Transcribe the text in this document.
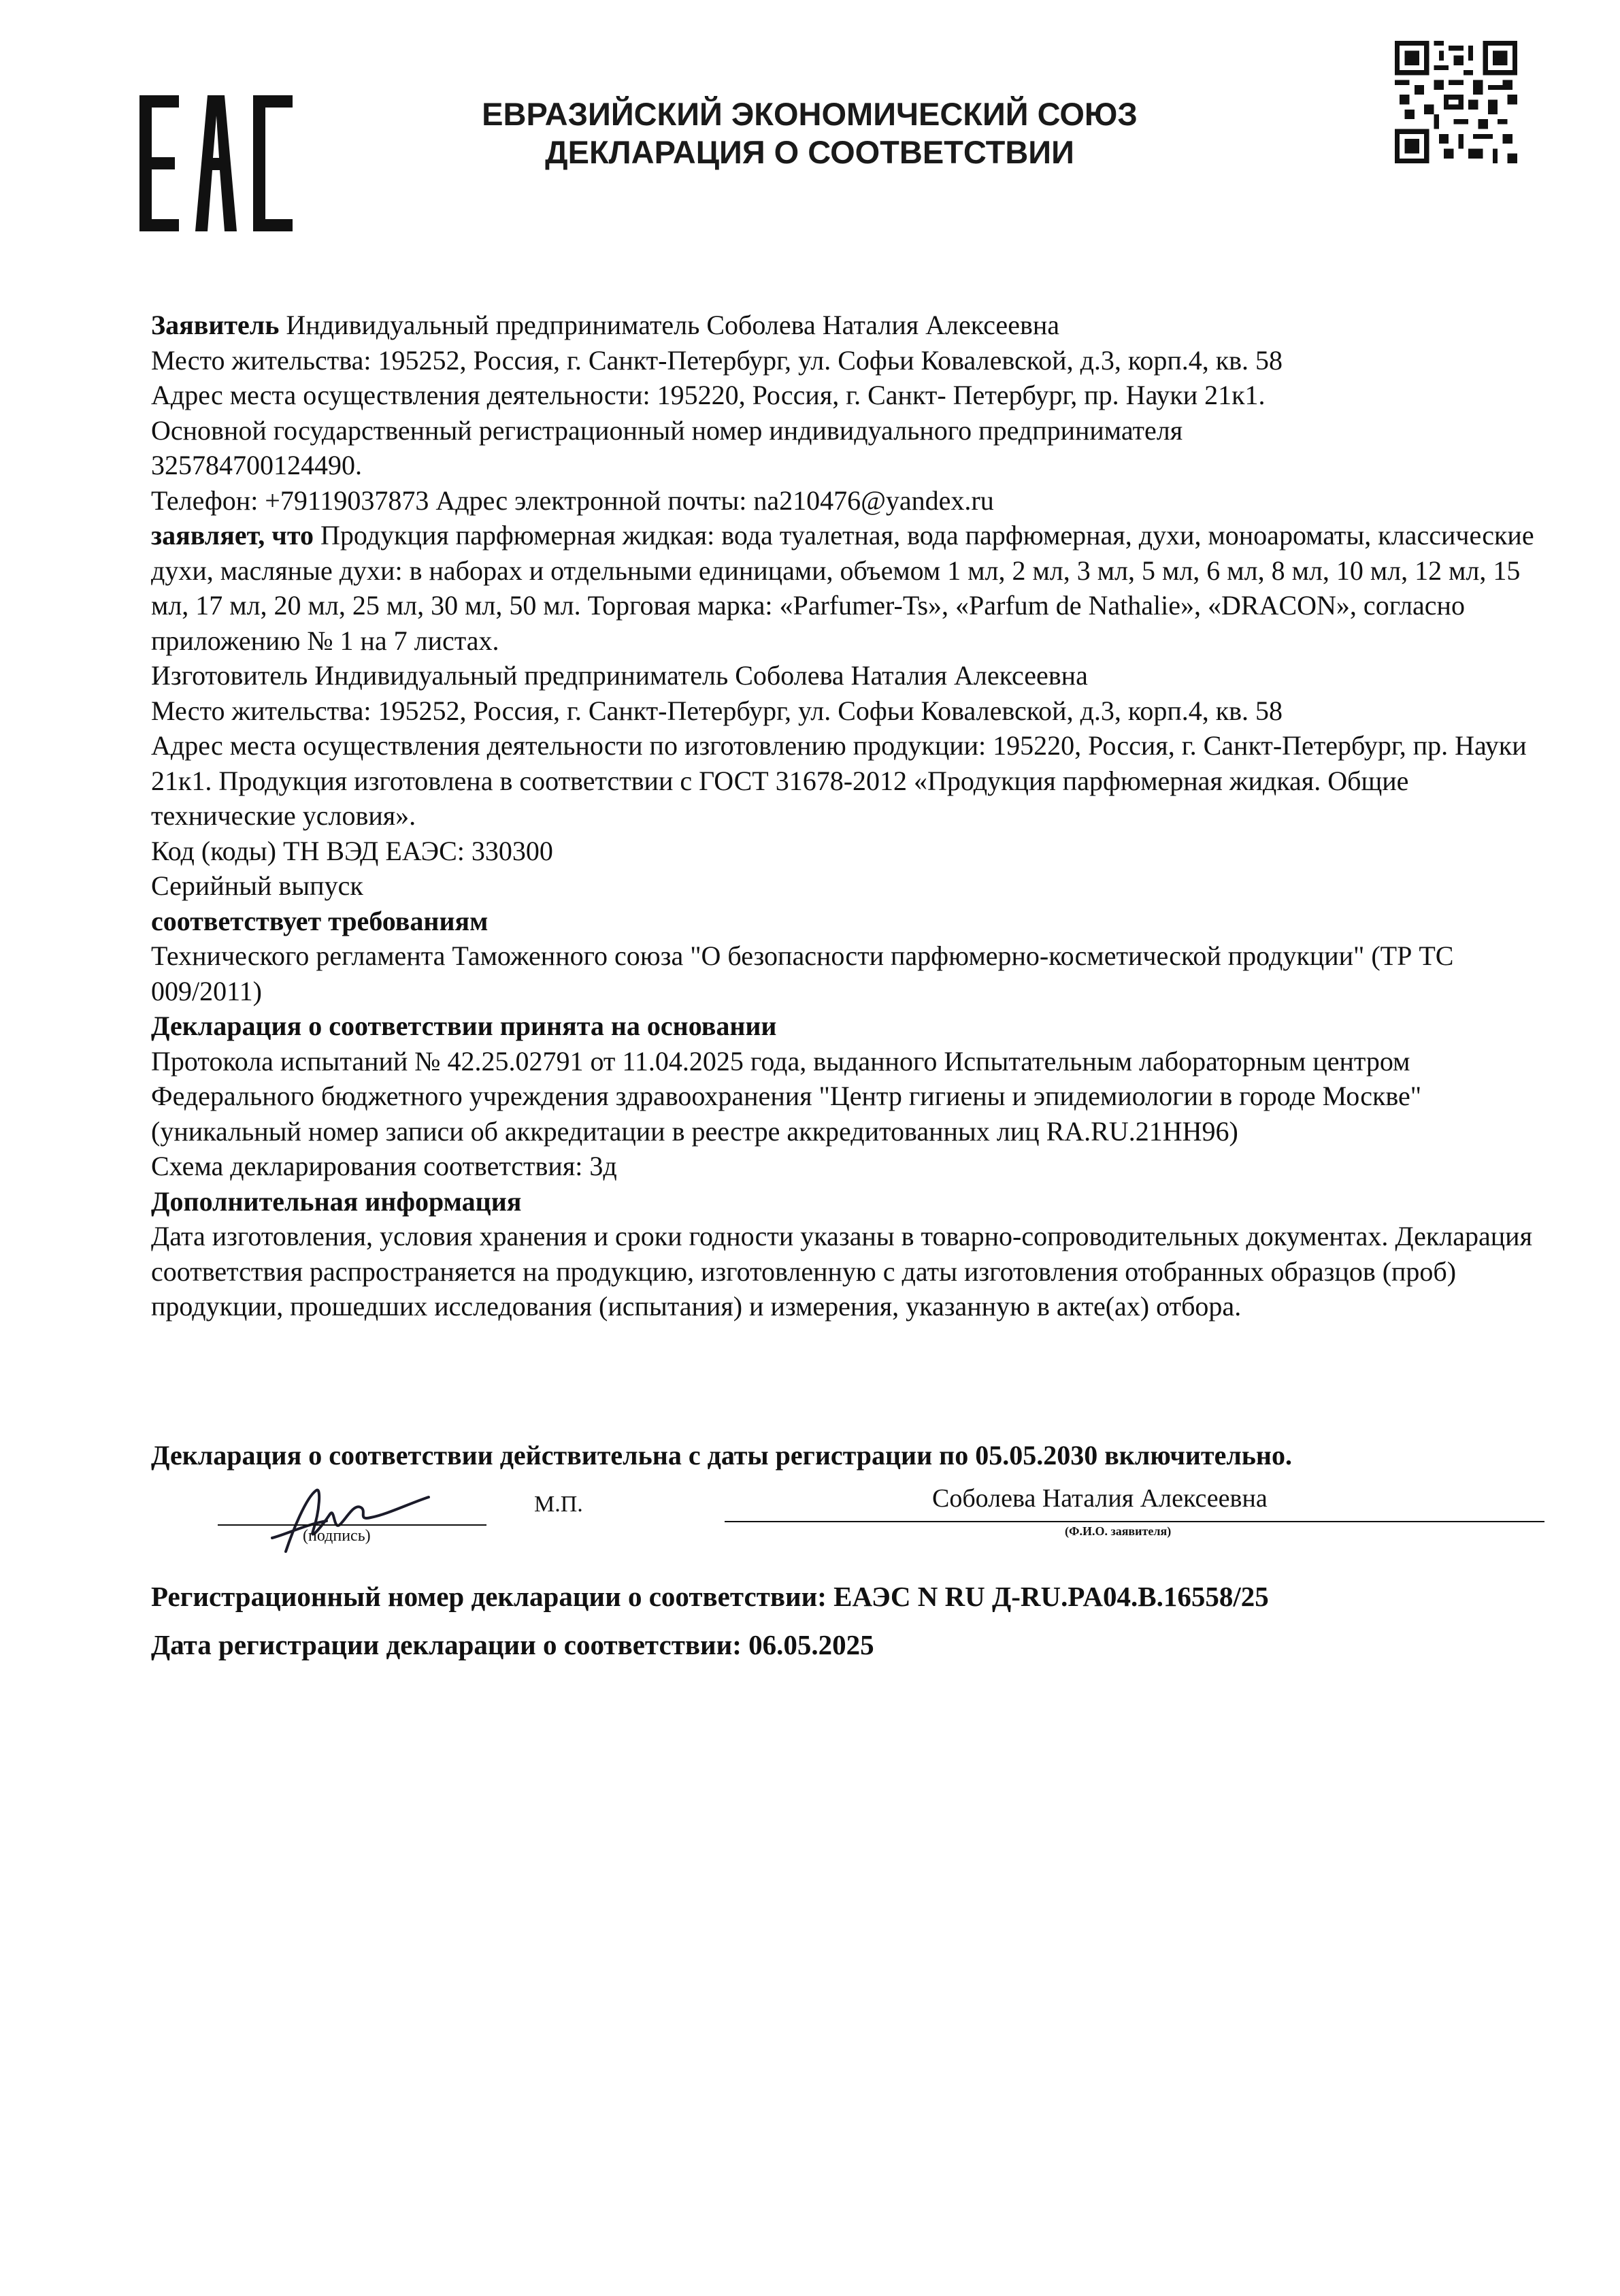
ЕВРАЗИЙСКИЙ ЭКОНОМИЧЕСКИЙ СОЮЗ
ДЕКЛАРАЦИЯ О СООТВЕТСТВИИ

Заявитель Индивидуальный предприниматель Соболева Наталия Алексеевна

Место жительства: 195252, Россия, г. Санкт-Петербург, ул. Софьи Ковалевской, д.3, корп.4, кв. 58

Адрес места осуществления деятельности: 195220, Россия, г. Санкт- Петербург, пр. Науки 21к1.

Основной государственный регистрационный номер индивидуального предпринимателя

325784700124490.

Телефон: +79119037873 Адрес электронной почты: na210476@yandex.ru

заявляет, что Продукция парфюмерная жидкая: вода туалетная, вода парфюмерная, духи, моноароматы, классические духи, масляные духи: в наборах и отдельными единицами, объемом 1 мл, 2 мл, 3 мл, 5 мл, 6 мл, 8 мл, 10 мл, 12 мл, 15 мл, 17 мл, 20 мл, 25 мл, 30 мл, 50 мл. Торговая марка: «Parfumer-Ts», «Parfum de Nathalie», «DRACON», согласно приложению № 1 на 7 листах.

Изготовитель Индивидуальный предприниматель Соболева Наталия Алексеевна

Место жительства: 195252, Россия, г. Санкт-Петербург, ул. Софьи Ковалевской, д.3, корп.4, кв. 58

Адрес места осуществления деятельности по изготовлению продукции: 195220, Россия, г. Санкт-Петербург, пр. Науки 21к1. Продукция изготовлена в соответствии с ГОСТ 31678-2012 «Продукция парфюмерная жидкая. Общие технические условия».

Код (коды) ТН ВЭД ЕАЭС: 330300

Серийный выпуск

соответствует требованиям

Технического регламента Таможенного союза "О безопасности парфюмерно-косметической продукции" (ТР ТС 009/2011)

Декларация о соответствии принята на основании

Протокола испытаний № 42.25.02791 от 11.04.2025 года, выданного Испытательным лабораторным центром Федерального бюджетного учреждения здравоохранения "Центр гигиены и эпидемиологии в городе Москве" (уникальный номер записи об аккредитации в реестре аккредитованных лиц RA.RU.21НН96)

Схема декларирования соответствия: 3д

Дополнительная информация

Дата изготовления, условия хранения и сроки годности указаны в товарно-сопроводительных документах. Декларация соответствия распространяется на продукцию, изготовленную с даты изготовления отобранных образцов (проб) продукции, прошедших исследования (испытания) и измерения, указанную в акте(ах) отбора.

Декларация о соответствии действительна с даты регистрации по 05.05.2030 включительно.
(подпись)
М.П.	Соболева Наталия Алексеевна
(Ф.И.О. заявителя)
Регистрационный номер декларации о соответствии: ЕАЭС N RU Д-RU.PA04.B.16558/25
Дата регистрации декларации о соответствии: 06.05.2025
